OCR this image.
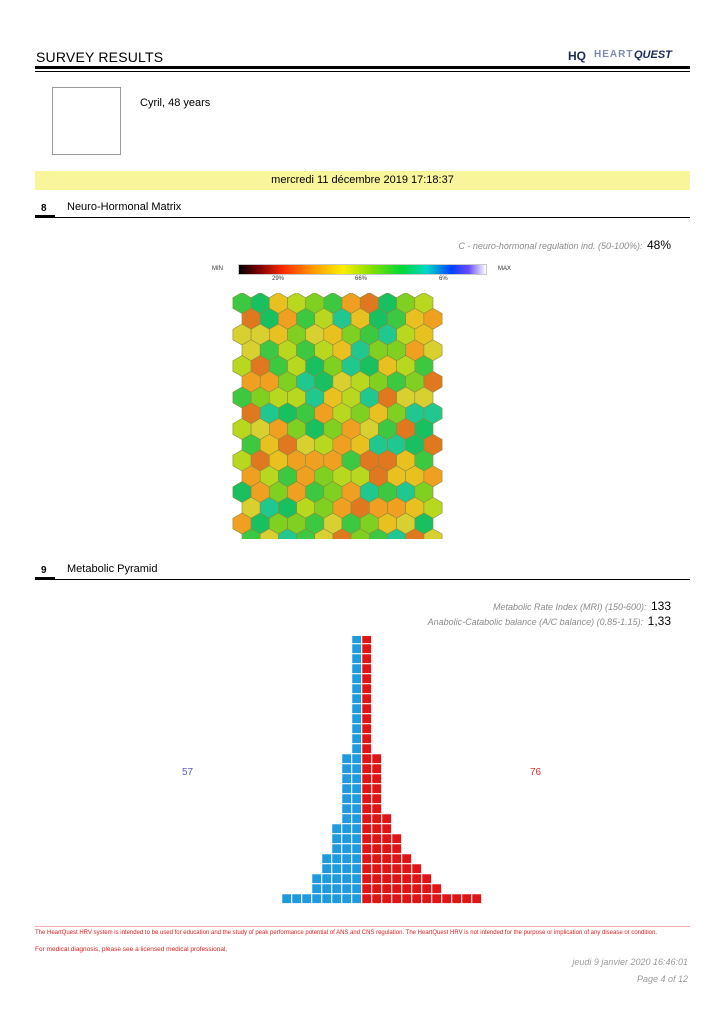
SURVEY RESULTS	HQ HEART QUEST
Cyril, 48 years
mercredi 11 décembre 2019 17:18:37
8 Neuro-Hormonal Matrix
C - neuro-hormonal regulation ind. (50-100%): 48%
MIN	MAX
29%	66%	6%
9 Metabolic Pyramid
Metabolic Rate Index (MRI) (150-600): 133
Anabolic-Catabolic balance (A/C balance) (0.85-1.15): 1,33
57	76
The HeartQuest HRV system is intended to be used for education and the study of peak performance potential of ANS and CNS regulation. The HeartQuest HRV is not intended for the purpose or implication of any disease or condition.
For medical diagnosis, please see a licensed medical professional.
jeudi 9 janvier 2020 16:46:01
Page 4 of 12
